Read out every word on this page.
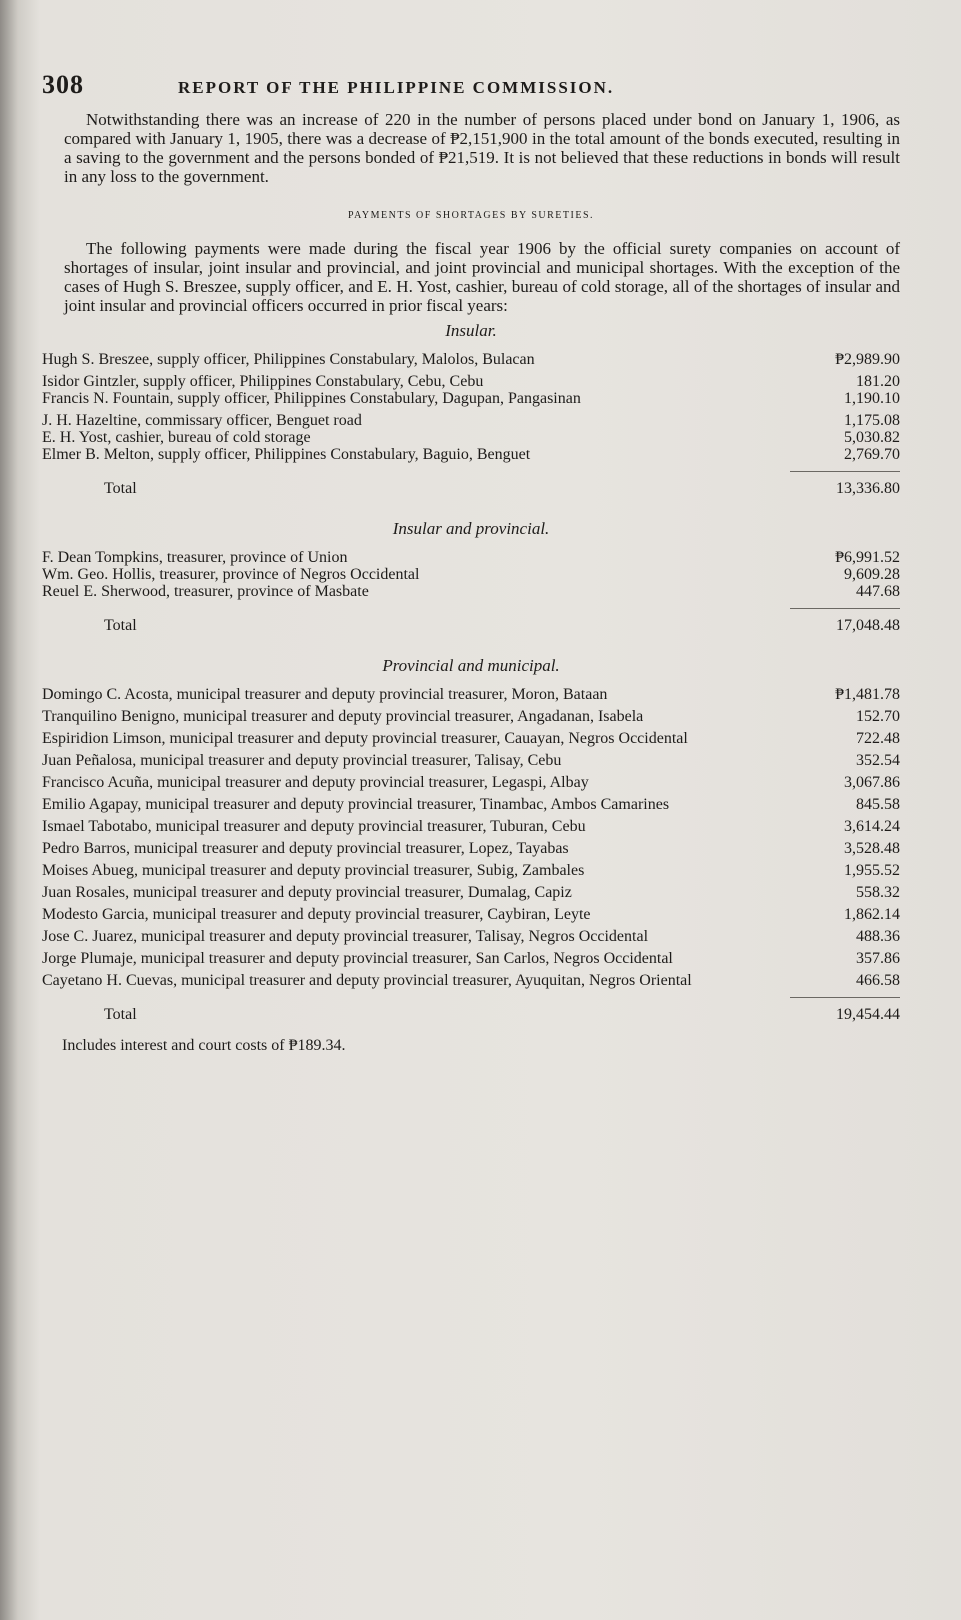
308	REPORT OF THE PHILIPPINE COMMISSION.

Notwithstanding there was an increase of 220 in the number of persons placed under bond on January 1, 1906, as compared with January 1, 1905, there was a decrease of ₱2,151,900 in the total amount of the bonds executed, resulting in a saving to the government and the persons bonded of ₱21,519. It is not believed that these reductions in bonds will result in any loss to the government.

PAYMENTS OF SHORTAGES BY SURETIES.

The following payments were made during the fiscal year 1906 by the official surety companies on account of shortages of insular, joint insular and provincial, and joint provincial and municipal shortages. With the exception of the cases of Hugh S. Breszee, supply officer, and E. H. Yost, cashier, bureau of cold storage, all of the shortages of insular and joint insular and provincial officers occurred in prior fiscal years:

Insular.
Hugh S. Breszee, supply officer, Philippines Constabulary, Malolos, Bulacan	₱2,989.90
Isidor Gintzler, supply officer, Philippines Constabulary, Cebu, Cebu	181.20
Francis N. Fountain, supply officer, Philippines Constabulary, Dagupan, Pangasinan	1,190.10
J. H. Hazeltine, commissary officer, Benguet road	1,175.08
E. H. Yost, cashier, bureau of cold storage	5,030.82
Elmer B. Melton, supply officer, Philippines Constabulary, Baguio, Benguet	2,769.70
Total	13,336.80
Insular and provincial.
F. Dean Tompkins, treasurer, province of Union	₱6,991.52
Wm. Geo. Hollis, treasurer, province of Negros Occidental	9,609.28
Reuel E. Sherwood, treasurer, province of Masbate	447.68
Total	17,048.48
Provincial and municipal.
Domingo C. Acosta, municipal treasurer and deputy provincial treasurer, Moron, Bataan	₱1,481.78
Tranquilino Benigno, municipal treasurer and deputy provincial treasurer, Angadanan, Isabela	152.70
Espiridion Limson, municipal treasurer and deputy provincial treasurer, Cauayan, Negros Occidental	722.48
Juan Peñalosa, municipal treasurer and deputy provincial treasurer, Talisay, Cebu	352.54
Francisco Acuña, municipal treasurer and deputy provincial treasurer, Legaspi, Albay	3,067.86
Emilio Agapay, municipal treasurer and deputy provincial treasurer, Tinambac, Ambos Camarines	845.58
Ismael Tabotabo, municipal treasurer and deputy provincial treasurer, Tuburan, Cebu	3,614.24
Pedro Barros, municipal treasurer and deputy provincial treasurer, Lopez, Tayabas	3,528.48
Moises Abueg, municipal treasurer and deputy provincial treasurer, Subig, Zambales	1,955.52
Juan Rosales, municipal treasurer and deputy provincial treasurer, Dumalag, Capiz	558.32
Modesto Garcia, municipal treasurer and deputy provincial treasurer, Caybiran, Leyte	1,862.14
Jose C. Juarez, municipal treasurer and deputy provincial treasurer, Talisay, Negros Occidental	488.36
Jorge Plumaje, municipal treasurer and deputy provincial treasurer, San Carlos, Negros Occidental	357.86
Cayetano H. Cuevas, municipal treasurer and deputy provincial treasurer, Ayuquitan, Negros Oriental	466.58
Total	19,454.44
Includes interest and court costs of ₱189.34.
